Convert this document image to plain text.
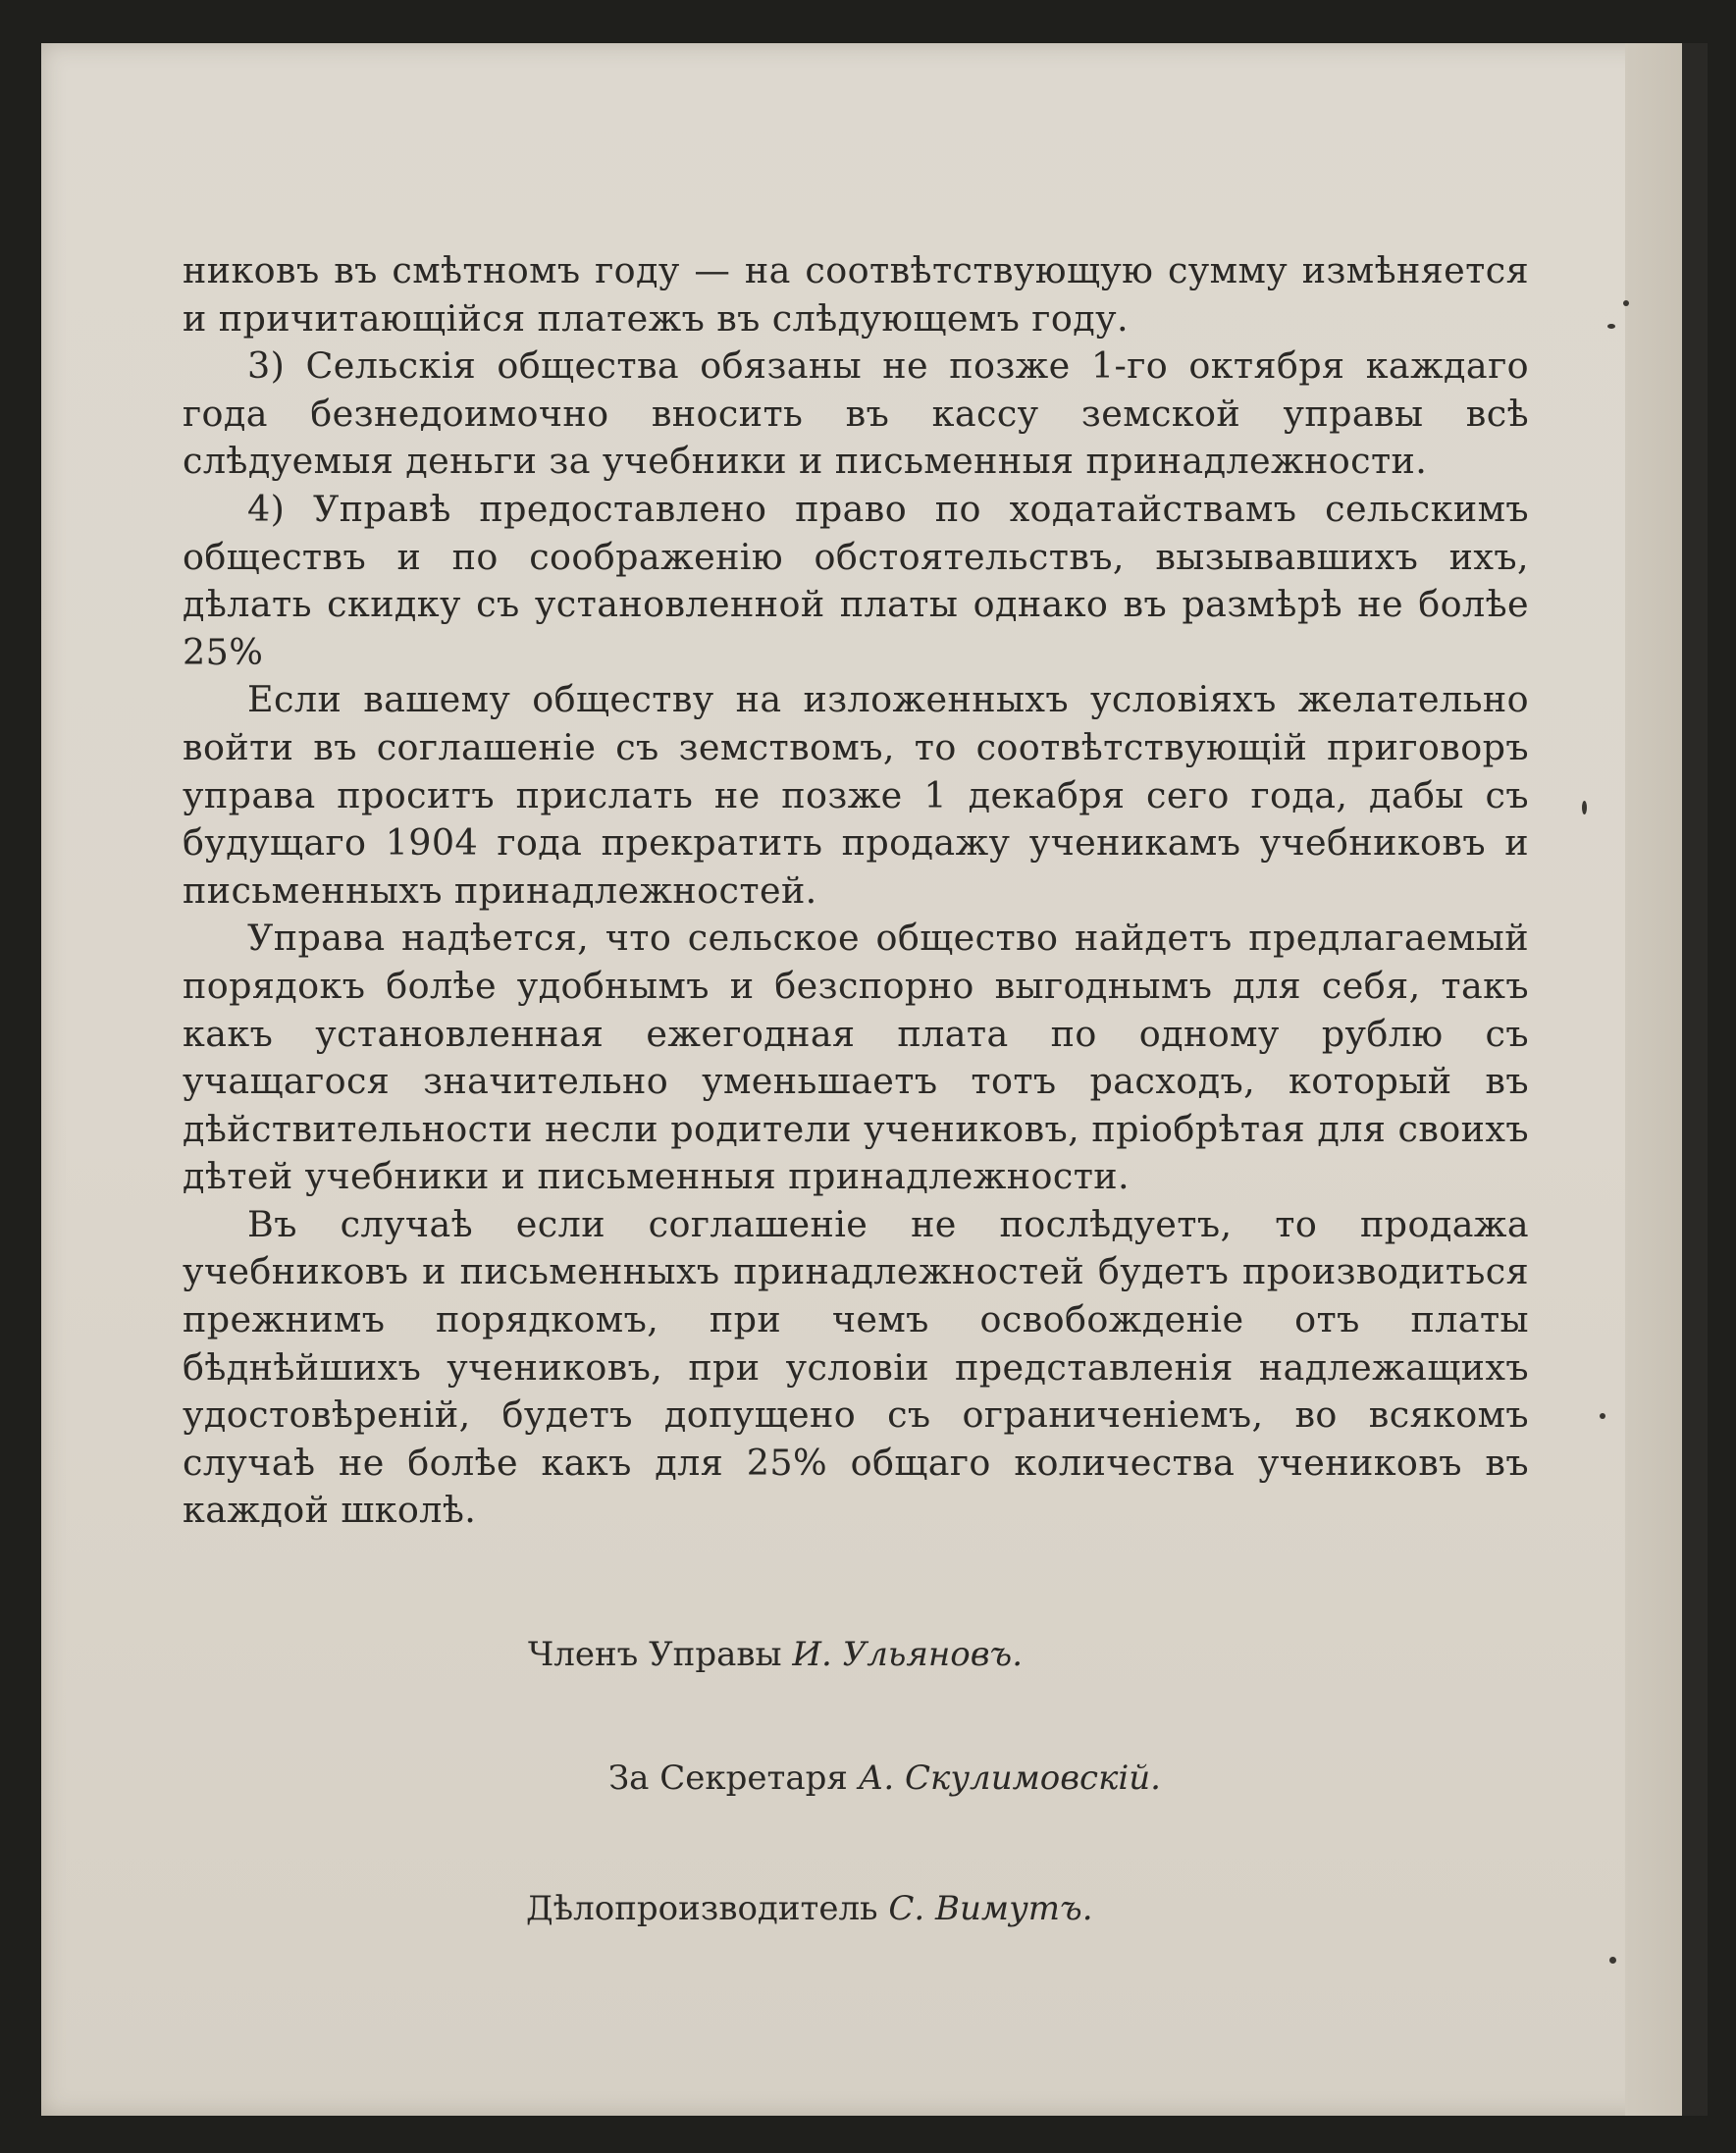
никовъ въ смѣтномъ году — на соотвѣтствующую сумму измѣняется и причитающійся платежъ въ слѣдующемъ году.

3) Сельскія общества обязаны не позже 1-го октября каждаго года безнедоимочно вносить въ кассу земской управы всѣ слѣдуемыя деньги за учебники и письменныя принадлежности.

4) Управѣ предоставлено право по ходатайствамъ сельскимъ обществъ и по соображенію обстоятельствъ, вызывавшихъ ихъ, дѣлать скидку съ установленной платы однако въ размѣрѣ не болѣе 25%

Если вашему обществу на изложенныхъ условіяхъ желательно войти въ соглашеніе съ земствомъ, то соотвѣтствующій приговоръ управа проситъ прислать не позже 1 декабря сего года, дабы съ будущаго 1904 года прекратить продажу ученикамъ учебниковъ и письменныхъ принадлежностей.

Управа надѣется, что сельское общество найдетъ предлагаемый порядокъ болѣе удобнымъ и безспорно выгоднымъ для себя, такъ какъ установленная ежегодная плата по одному рублю съ учащагося значительно уменьшаетъ тотъ расходъ, который въ дѣйствительности несли родители учениковъ, пріобрѣтая для своихъ дѣтей учебники и письменныя принадлежности.

Въ случаѣ если соглашеніе не послѣдуетъ, то продажа учебниковъ и письменныхъ принадлежностей будетъ производиться прежнимъ порядкомъ, при чемъ освобожденіе отъ платы бѣднѣйшихъ учениковъ, при условіи представленія надлежащихъ удостовѣреній, будетъ допущено съ ограниченіемъ, во всякомъ случаѣ не болѣе какъ для 25% общаго количества учениковъ въ каждой школѣ.

Членъ Управы И. Ульяновъ.
За Секретаря А. Скулимовскій.
Дѣлопроизводитель С. Вимутъ.
